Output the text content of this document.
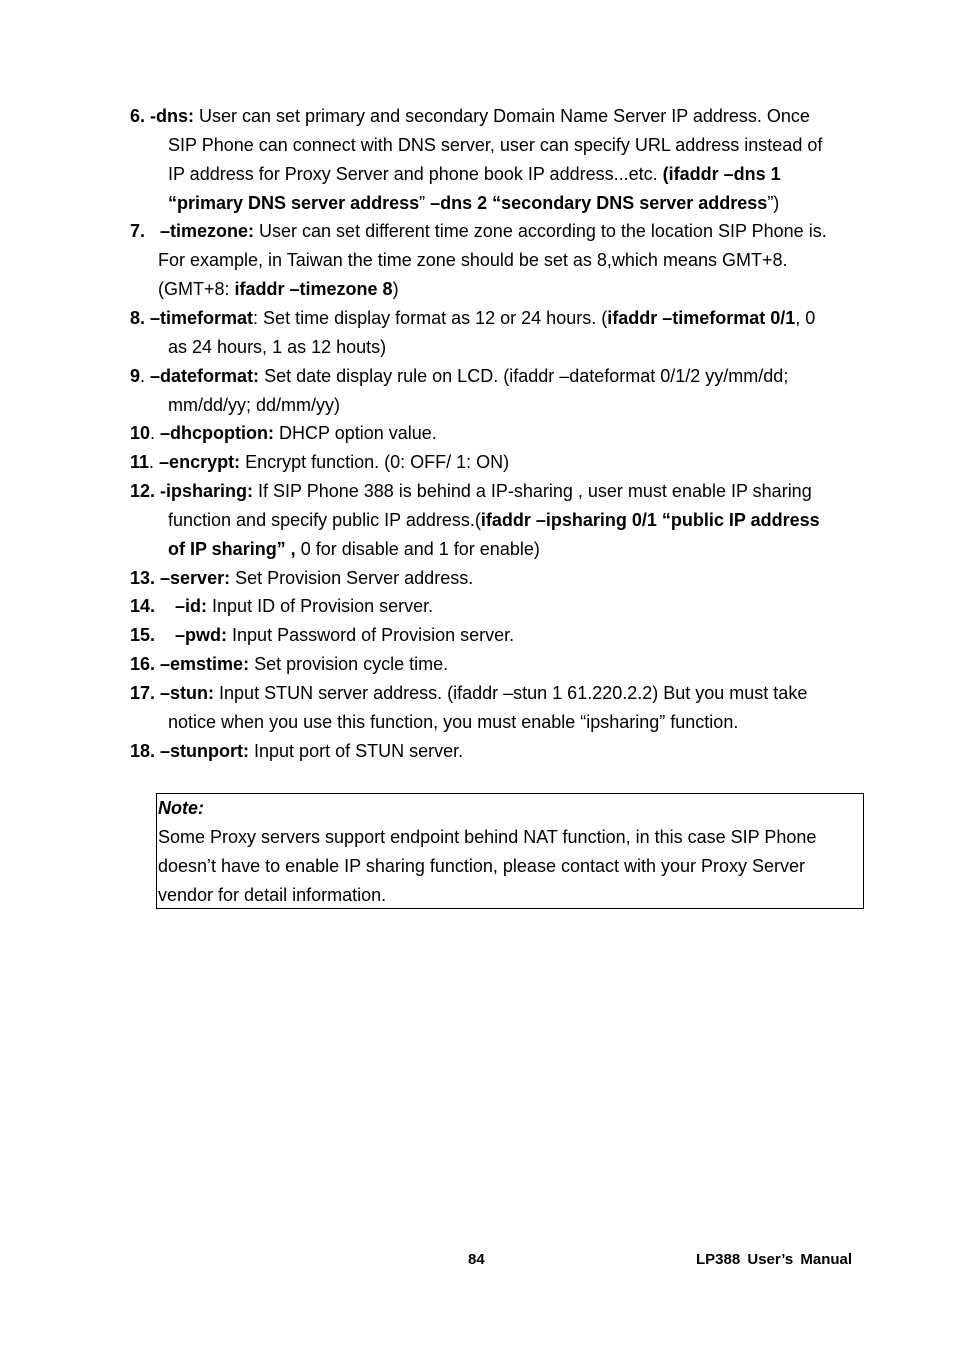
6. -dns: User can set primary and secondary Domain Name Server IP address. Once
SIP Phone can connect with DNS server, user can specify URL address instead of
IP address for Proxy Server and phone book IP address...etc. (ifaddr –dns 1
“primary DNS server address” –dns 2 “secondary DNS server address”)
7.   –timezone: User can set different time zone according to the location SIP Phone is.
For example, in Taiwan the time zone should be set as 8,which means GMT+8.
(GMT+8: ifaddr –timezone 8)
8. –timeformat: Set time display format as 12 or 24 hours. (ifaddr –timeformat 0/1, 0
as 24 hours, 1 as 12 houts)
9. –dateformat: Set date display rule on LCD. (ifaddr –dateformat 0/1/2 yy/mm/dd;
mm/dd/yy; dd/mm/yy)
10. –dhcpoption: DHCP option value.
11. –encrypt: Encrypt function. (0: OFF/ 1: ON)
12. -ipsharing: If SIP Phone 388 is behind a IP-sharing , user must enable IP sharing
function and specify public IP address.(ifaddr –ipsharing 0/1 “public IP address
of IP sharing” , 0 for disable and 1 for enable)
13. –server: Set Provision Server address.
14.    –id: Input ID of Provision server.
15.    –pwd: Input Password of Provision server.
16. –emstime: Set provision cycle time.
17. –stun: Input STUN server address. (ifaddr –stun 1 61.220.2.2) But you must take
notice when you use this function, you must enable “ipsharing” function.
18. –stunport: Input port of STUN server.
Note:
Some Proxy servers support endpoint behind NAT function, in this case SIP Phone
doesn’t have to enable IP sharing function, please contact with your Proxy Server
vendor for detail information.
84	LP388 User’s Manual
